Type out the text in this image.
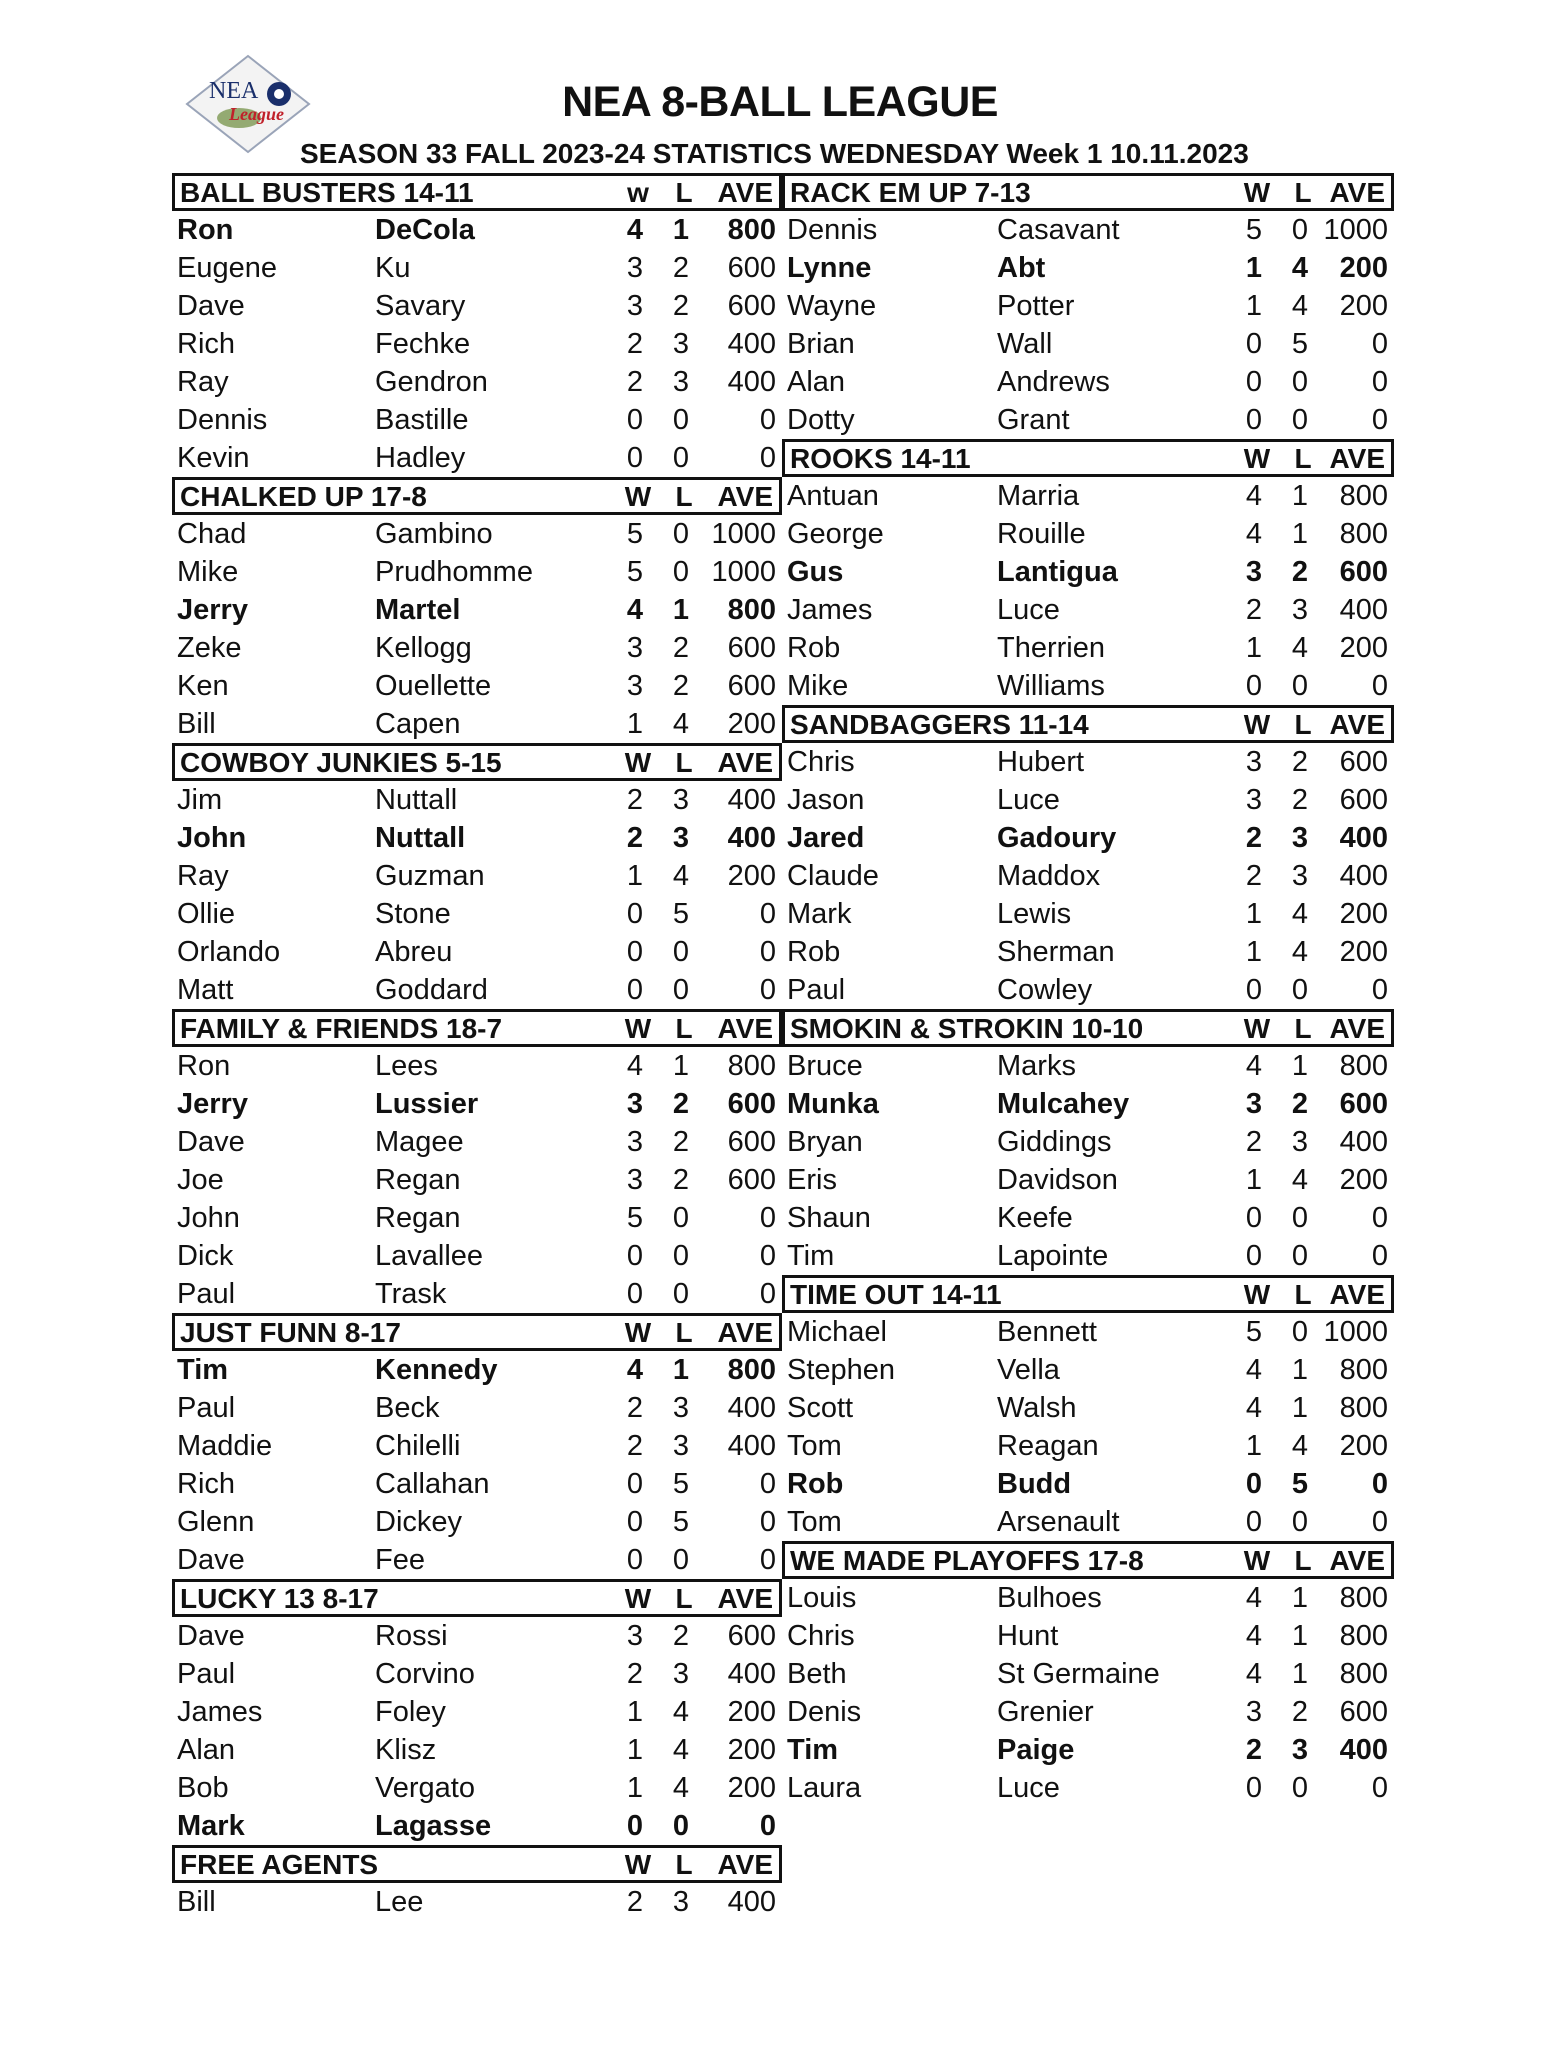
NEA
League	NEA 8-BALL LEAGUE
SEASON 33 FALL 2023-24 STATISTICS WEDNESDAY Week 1 10.11.2023
BALL BUSTERS 14-11	w L AVE
Ron	DeCola	4 1 800
Eugene	Ku	3 2 600
Dave	Savary	3 2 600
Rich	Fechke	2 3 400
Ray	Gendron	2 3 400
Dennis	Bastille	0 0 0
Kevin	Hadley	0 0 0
CHALKED UP 17-8	W L AVE
Chad	Gambino	5 0 1000
Mike	Prudhomme	5 0 1000
Jerry	Martel	4 1 800
Zeke	Kellogg	3 2 600
Ken	Ouellette	3 2 600
Bill	Capen	1 4 200
COWBOY JUNKIES 5-15	W L AVE
Jim	Nuttall	2 3 400
John	Nuttall	2 3 400
Ray	Guzman	1 4 200
Ollie	Stone	0 5 0
Orlando	Abreu	0 0 0
Matt	Goddard	0 0 0
FAMILY & FRIENDS 18-7	W L AVE
Ron	Lees	4 1 800
Jerry	Lussier	3 2 600
Dave	Magee	3 2 600
Joe	Regan	3 2 600
John	Regan	5 0 0
Dick	Lavallee	0 0 0
Paul	Trask	0 0 0
JUST FUNN 8-17	W L AVE
Tim	Kennedy	4 1 800
Paul	Beck	2 3 400
Maddie	Chilelli	2 3 400
Rich	Callahan	0 5 0
Glenn	Dickey	0 5 0
Dave	Fee	0 0 0
LUCKY 13 8-17	W L AVE
Dave	Rossi	3 2 600
Paul	Corvino	2 3 400
James	Foley	1 4 200
Alan	Klisz	1 4 200
Bob	Vergato	1 4 200
Mark	Lagasse	0 0 0
FREE AGENTS	W L AVE
Bill	Lee	2 3 400
RACK EM UP 7-13	W L AVE
Dennis	Casavant	5 0 1000
Lynne	Abt	1 4 200
Wayne	Potter	1 4 200
Brian	Wall	0 5 0
Alan	Andrews	0 0 0
Dotty	Grant	0 0 0
ROOKS 14-11	W L AVE
Antuan	Marria	4 1 800
George	Rouille	4 1 800
Gus	Lantigua	3 2 600
James	Luce	2 3 400
Rob	Therrien	1 4 200
Mike	Williams	0 0 0
SANDBAGGERS 11-14	W L AVE
Chris	Hubert	3 2 600
Jason	Luce	3 2 600
Jared	Gadoury	2 3 400
Claude	Maddox	2 3 400
Mark	Lewis	1 4 200
Rob	Sherman	1 4 200
Paul	Cowley	0 0 0
SMOKIN & STROKIN 10-10	W L AVE
Bruce	Marks	4 1 800
Munka	Mulcahey	3 2 600
Bryan	Giddings	2 3 400
Eris	Davidson	1 4 200
Shaun	Keefe	0 0 0
Tim	Lapointe	0 0 0
TIME OUT 14-11	W L AVE
Michael	Bennett	5 0 1000
Stephen	Vella	4 1 800
Scott	Walsh	4 1 800
Tom	Reagan	1 4 200
Rob	Budd	0 5 0
Tom	Arsenault	0 0 0
WE MADE PLAYOFFS 17-8	W L AVE
Louis	Bulhoes	4 1 800
Chris	Hunt	4 1 800
Beth	St Germaine	4 1 800
Denis	Grenier	3 2 600
Tim	Paige	2 3 400
Laura	Luce	0 0 0
